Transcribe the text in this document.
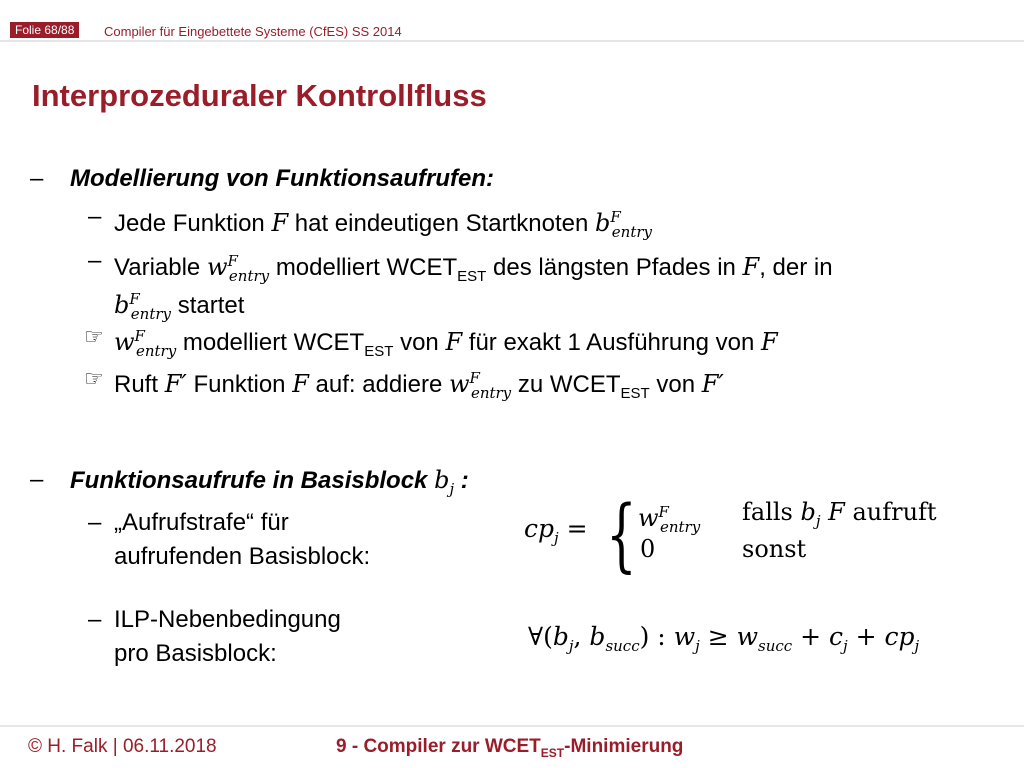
Folie 68/88	Compiler für Eingebettete Systeme (CfES) SS 2014
Interprozeduraler Kontrollfluss
– Modellierung von Funktionsaufrufen:
– Jede Funktion F hat eindeutigen Startknoten $b^F_{entry}$
– Variable $w^F_{entry}$ modelliert $WCET_{EST}$ des längsten Pfades in F, der in
$b^F_{entry}$ startet
☞ $w^F_{entry}$ modelliert $WCET_{EST}$ von F für exakt 1 Ausführung von F
☞ Ruft F′ Funktion F auf: addiere $w^F_{entry}$ zu $WCET_{EST}$ von F′
– Funktionsaufrufe in Basisblock $b_j$ :
– „Aufrufstrafe“ für
aufrufenden Basisblock:
– ILP-Nebenbedingung
pro Basisblock:
$cp_j$ = { $w^F_{entry}$
falls $b_j$ F aufruft
0	sonst
$\forall(b_j$, $b_{succ}$) : $w_j \ge w_{succ} + c_j + cp_j$
© H. Falk | 06.11.2018	9 - Compiler zur $WCET_{EST}$-Minimierung
